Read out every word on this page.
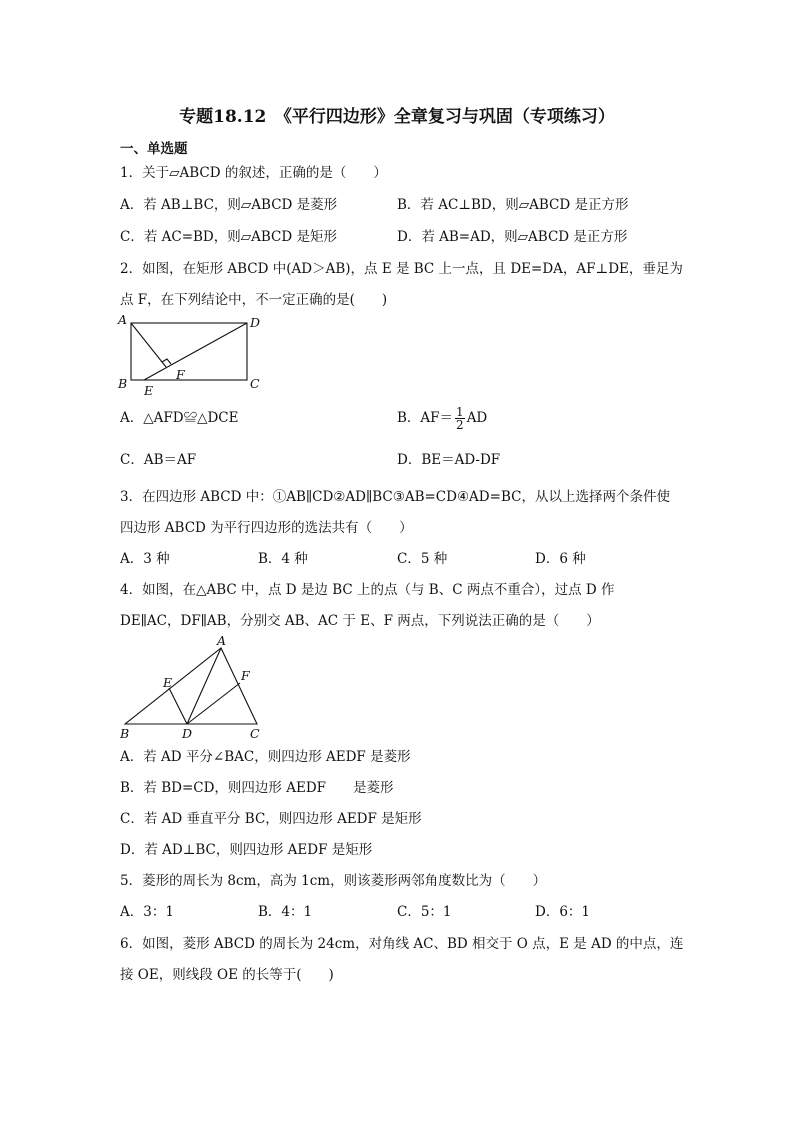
专题18.12　《平行四边形》全章复习与巩固（专项练习）
一、单选题
1．关于▱ABCD 的叙述，正确的是（　　）
A．若 AB⊥BC，则▱ABCD 是菱形	B．若 AC⊥BD，则▱ABCD 是正方形
C．若 AC=BD，则▱ABCD 是矩形	D．若 AB=AD，则▱ABCD 是正方形
2．如图，在矩形 ABCD 中(AD＞AB)，点 E 是 BC 上一点，且 DE=DA，AF⊥DE，垂足为
点 F，在下列结论中，不一定正确的是(　　)
A	D
B	C
E
F
A．△AFD≌△DCE	B．$AF= \frac{1}{2}$ AD
C．AB＝AF	D．BE＝AD-DF
3．在四边形 ABCD 中：①AB∥CD②AD∥BC③AB=CD④AD=BC，从以上选择两个条件使
四边形 ABCD 为平行四边形的选法共有（　　）
A．3 种	B．4 种	C．5 种	D．6 种
4．如图，在△ABC 中，点 D 是边 BC 上的点（与 B、C 两点不重合），过点 D 作
DE∥AC，DF∥AB，分别交 AB、AC 于 E、F 两点，下列说法正确的是（　　）
A
E	F
B	D	C
A．若 AD 平分∠BAC，则四边形 AEDF 是菱形
B．若 BD=CD，则四边形 AEDF　　是菱形
C．若 AD 垂直平分 BC，则四边形 AEDF 是矩形
D．若 AD⊥BC，则四边形 AEDF 是矩形
5．菱形的周长为 8cm，高为 1cm，则该菱形两邻角度数比为（　　）
A．3：1	B．4：1	C．5：1	D．6：1
6．如图，菱形 ABCD 的周长为 24cm，对角线 AC、BD 相交于 O 点，E 是 AD 的中点，连
接 OE，则线段 OE 的长等于(　　)
